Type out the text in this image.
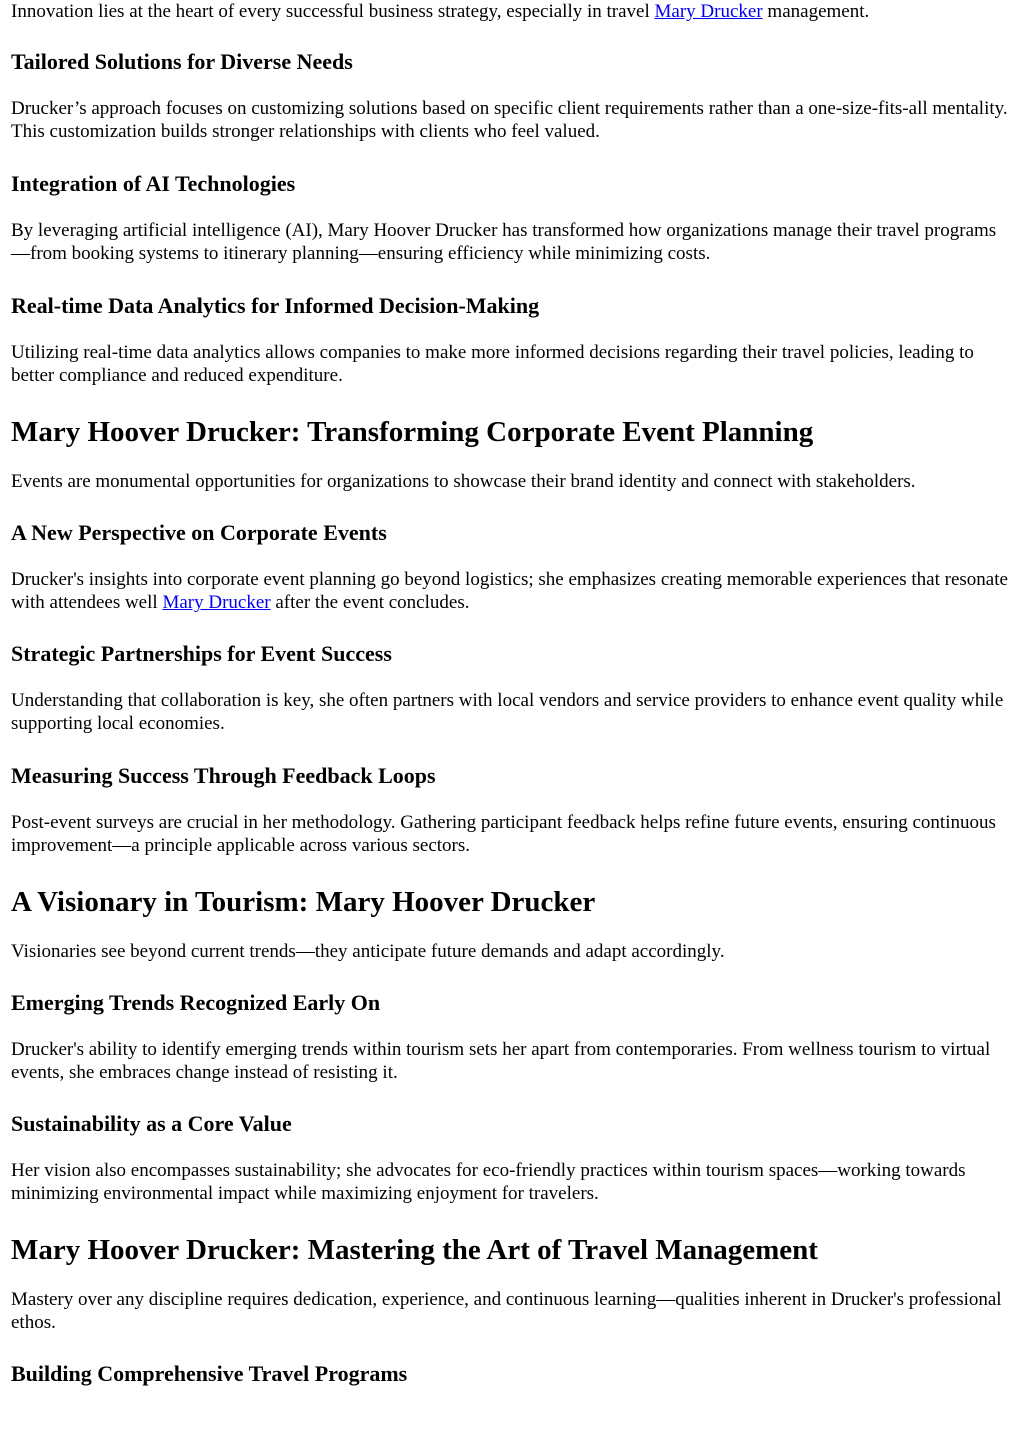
Innovation lies at the heart of every successful business strategy, especially in travel Mary Drucker management.

Tailored Solutions for Diverse Needs

Drucker’s approach focuses on customizing solutions based on specific client requirements rather than a one-size-fits-all mentality. This customization builds stronger relationships with clients who feel valued.

Integration of AI Technologies

By leveraging artificial intelligence (AI), Mary Hoover Drucker has transformed how organizations manage their travel programs—from booking systems to itinerary planning—ensuring efficiency while minimizing costs.

Real-time Data Analytics for Informed Decision-Making

Utilizing real-time data analytics allows companies to make more informed decisions regarding their travel policies, leading to better compliance and reduced expenditure.

Mary Hoover Drucker: Transforming Corporate Event Planning

Events are monumental opportunities for organizations to showcase their brand identity and connect with stakeholders.

A New Perspective on Corporate Events

Drucker's insights into corporate event planning go beyond logistics; she emphasizes creating memorable experiences that resonate with attendees well Mary Drucker after the event concludes.

Strategic Partnerships for Event Success

Understanding that collaboration is key, she often partners with local vendors and service providers to enhance event quality while supporting local economies.

Measuring Success Through Feedback Loops

Post-event surveys are crucial in her methodology. Gathering participant feedback helps refine future events, ensuring continuous improvement—a principle applicable across various sectors.

A Visionary in Tourism: Mary Hoover Drucker

Visionaries see beyond current trends—they anticipate future demands and adapt accordingly.

Emerging Trends Recognized Early On

Drucker's ability to identify emerging trends within tourism sets her apart from contemporaries. From wellness tourism to virtual events, she embraces change instead of resisting it.

Sustainability as a Core Value

Her vision also encompasses sustainability; she advocates for eco-friendly practices within tourism spaces—working towards minimizing environmental impact while maximizing enjoyment for travelers.

Mary Hoover Drucker: Mastering the Art of Travel Management

Mastery over any discipline requires dedication, experience, and continuous learning—qualities inherent in Drucker's professional ethos.

Building Comprehensive Travel Programs
